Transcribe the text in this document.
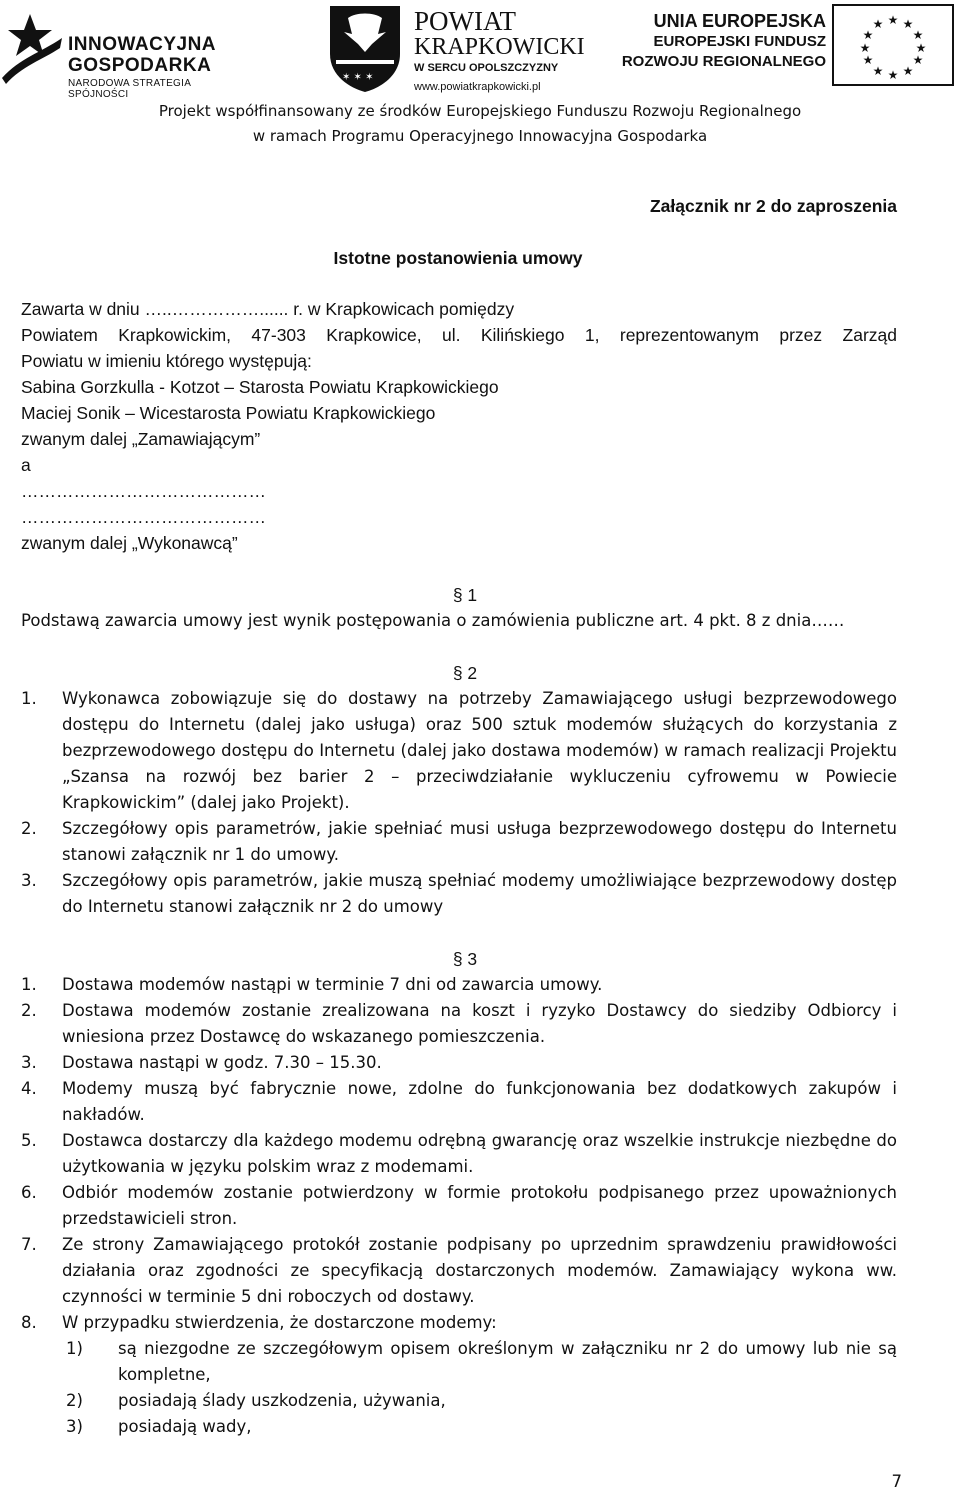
INNOWACYJNA
GOSPODARKA
NARODOWA STRATEGIA SPÓJNOŚCI
✶ ✶ ✶
POWIAT
KRAPKOWICKI
W SERCU OPOLSZCZYZNY
www.powiatkrapkowicki.pl
UNIA EUROPEJSKA
EUROPEJSKI FUNDUSZ
ROZWOJU REGIONALNEGO
★ ★
★
★
★
★
★
★
★
★
★
★
Projekt współfinansowany ze środków Europejskiego Funduszu Rozwoju Regionalnego
w ramach Programu Operacyjnego Innowacyjna Gospodarka
Załącznik nr 2 do zaproszenia
Istotne postanowienia umowy
Zawarta w dniu …..……………...... r. w Krapkowicach pomiędzy
Powiatem Krapkowickim, 47-303 Krapkowice, ul. Kilińskiego 1, reprezentowanym przez Zarząd
Powiatu w imieniu którego występują:
Sabina Gorzkulla - Kotzot – Starosta Powiatu Krapkowickiego
Maciej Sonik – Wicestarosta Powiatu Krapkowickiego
zwanym dalej „Zamawiającym”
a
……………………………………
……………………………………
zwanym dalej „Wykonawcą”
§ 1
Podstawą zawarcia umowy jest wynik postępowania o zamówienia publiczne art. 4 pkt. 8 z dnia……
§ 2
1.	Wykonawca zobowiązuje się do dostawy na potrzeby Zamawiającego usługi bezprzewodowego dostępu do Internetu (dalej jako usługa) oraz 500 sztuk modemów służących do korzystania z bezprzewodowego dostępu do Internetu (dalej jako dostawa modemów) w ramach realizacji Projektu „Szansa na rozwój bez barier 2 – przeciwdziałanie wykluczeniu cyfrowemu w Powiecie Krapkowickim” (dalej jako Projekt).
2.	Szczegółowy opis parametrów, jakie spełniać musi usługa bezprzewodowego dostępu do Internetu stanowi załącznik nr 1 do umowy.
3.	Szczegółowy opis parametrów, jakie muszą spełniać modemy umożliwiające bezprzewodowy dostęp do Internetu stanowi załącznik nr 2 do umowy
§ 3
1.	Dostawa modemów nastąpi w terminie 7 dni od zawarcia umowy.
2.	Dostawa modemów zostanie zrealizowana na koszt i ryzyko Dostawcy do siedziby Odbiorcy i wniesiona przez Dostawcę do wskazanego pomieszczenia.
3.	Dostawa nastąpi w godz. 7.30 – 15.30.
4.	Modemy muszą być fabrycznie nowe, zdolne do funkcjonowania bez dodatkowych zakupów i nakładów.
5.	Dostawca dostarczy dla każdego modemu odrębną gwarancję oraz wszelkie instrukcje niezbędne do użytkowania w języku polskim wraz z modemami.
6.	Odbiór modemów zostanie potwierdzony w formie protokołu podpisanego przez upoważnionych przedstawicieli stron.
7.	Ze strony Zamawiającego protokół zostanie podpisany po uprzednim sprawdzeniu prawidłowości działania oraz zgodności ze specyfikacją dostarczonych modemów. Zamawiający wykona ww. czynności w terminie 5 dni roboczych od dostawy.
8.	W przypadku stwierdzenia, że dostarczone modemy:
1)	są niezgodne ze szczegółowym opisem określonym w załączniku nr 2 do umowy lub nie są kompletne,
2)	posiadają ślady uszkodzenia, używania,
3)	posiadają wady,
7
